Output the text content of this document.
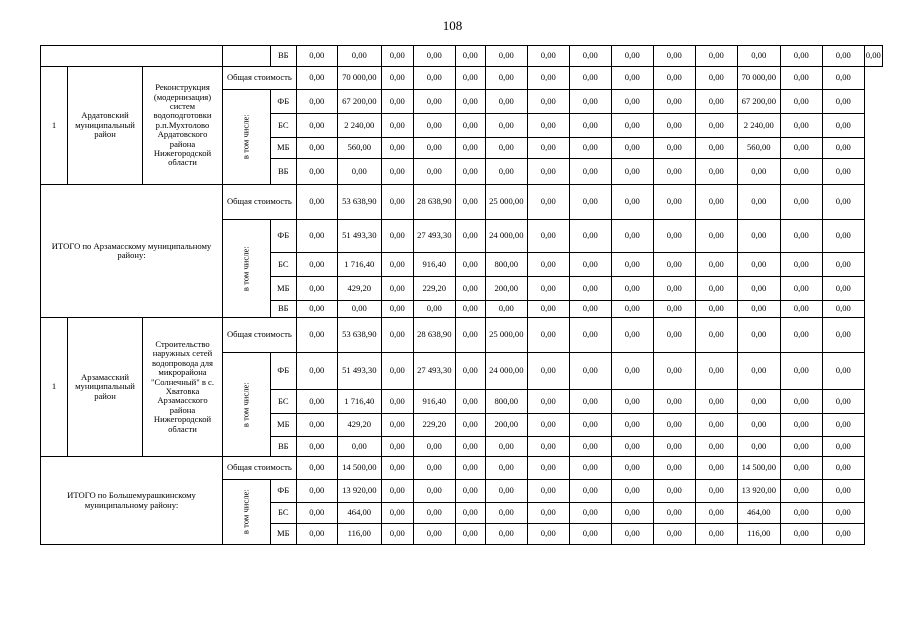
108
				ВБ	0,00	0,00	0,00	0,00	0,00	0,00	0,00	0,00	0,00	0,00	0,00	0,00	0,00	0,00	0,00
1	Ардатовский муниципальный район	Реконструкция (модернизация) систем водоподготовки р.п.Мухтолово Ардатовского района Нижегородской области	Общая стоимость		0,00	70 000,00	0,00	0,00	0,00	0,00	0,00	0,00	0,00	0,00	0,00	70 000,00	0,00	0,00	
			в том числе:	ФБ	0,00	67 200,00	0,00	0,00	0,00	0,00	0,00	0,00	0,00	0,00	0,00	67 200,00	0,00	0,00	
				БС	0,00	2 240,00	0,00	0,00	0,00	0,00	0,00	0,00	0,00	0,00	0,00	2 240,00	0,00	0,00	
				МБ	0,00	560,00	0,00	0,00	0,00	0,00	0,00	0,00	0,00	0,00	0,00	560,00	0,00	0,00	
				ВБ	0,00	0,00	0,00	0,00	0,00	0,00	0,00	0,00	0,00	0,00	0,00	0,00	0,00	0,00	
ИТОГО по Арзамасскому муниципальному району:			Общая стоимость		0,00	53 638,90	0,00	28 638,90	0,00	25 000,00	0,00	0,00	0,00	0,00	0,00	0,00	0,00	0,00	
			в том числе:	ФБ	0,00	51 493,30	0,00	27 493,30	0,00	24 000,00	0,00	0,00	0,00	0,00	0,00	0,00	0,00	0,00	
				БС	0,00	1 716,40	0,00	916,40	0,00	800,00	0,00	0,00	0,00	0,00	0,00	0,00	0,00	0,00	
				МБ	0,00	429,20	0,00	229,20	0,00	200,00	0,00	0,00	0,00	0,00	0,00	0,00	0,00	0,00	
				ВБ	0,00	0,00	0,00	0,00	0,00	0,00	0,00	0,00	0,00	0,00	0,00	0,00	0,00	0,00	
1	Арзамасский муниципальный район	Строительство наружных сетей водопровода для микрорайона "Солнечный" в с. Хватовка Арзамасского района Нижегородской области	Общая стоимость		0,00	53 638,90	0,00	28 638,90	0,00	25 000,00	0,00	0,00	0,00	0,00	0,00	0,00	0,00	0,00	
			в том числе:	ФБ	0,00	51 493,30	0,00	27 493,30	0,00	24 000,00	0,00	0,00	0,00	0,00	0,00	0,00	0,00	0,00	
				БС	0,00	1 716,40	0,00	916,40	0,00	800,00	0,00	0,00	0,00	0,00	0,00	0,00	0,00	0,00	
				МБ	0,00	429,20	0,00	229,20	0,00	200,00	0,00	0,00	0,00	0,00	0,00	0,00	0,00	0,00	
				ВБ	0,00	0,00	0,00	0,00	0,00	0,00	0,00	0,00	0,00	0,00	0,00	0,00	0,00	0,00	
ИТОГО по Большемурашкинскому муниципальному району:			Общая стоимость		0,00	14 500,00	0,00	0,00	0,00	0,00	0,00	0,00	0,00	0,00	0,00	14 500,00	0,00	0,00	
			в том числе:	ФБ	0,00	13 920,00	0,00	0,00	0,00	0,00	0,00	0,00	0,00	0,00	0,00	13 920,00	0,00	0,00	
				БС	0,00	464,00	0,00	0,00	0,00	0,00	0,00	0,00	0,00	0,00	0,00	464,00	0,00	0,00	
				МБ	0,00	116,00	0,00	0,00	0,00	0,00	0,00	0,00	0,00	0,00	0,00	116,00	0,00	0,00	
